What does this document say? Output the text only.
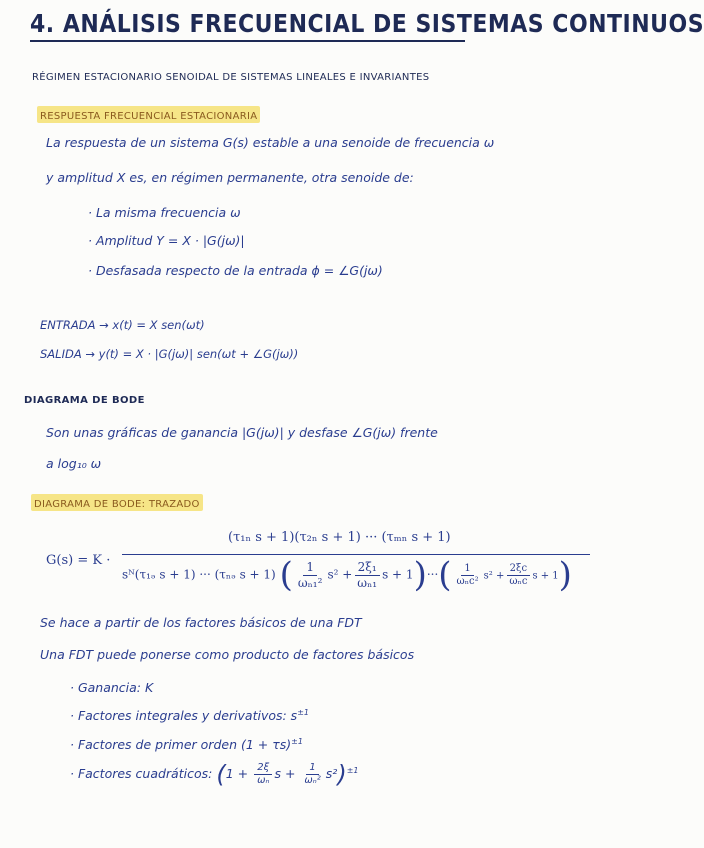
4. ANÁLISIS FRECUENCIAL DE SISTEMAS CONTINUOS
RÉGIMEN ESTACIONARIO SENOIDAL DE SISTEMAS LINEALES E INVARIANTES
RESPUESTA FRECUENCIAL ESTACIONARIA
La respuesta de un sistema G(s) estable a una senoide de frecuencia ω
y amplitud X es, en régimen permanente, otra senoide de:
· La misma frecuencia ω
· Amplitud Y = X · |G(jω)|
· Desfasada respecto de la entrada ϕ = ∠G(jω)
ENTRADA → x(t) = X sen(ωt)
SALIDA → y(t) = X · |G(jω)| sen(ωt + ∠G(jω))
DIAGRAMA DE BODE
Son unas gráficas de ganancia |G(jω)| y desfase ∠G(jω) frente
a log₁₀ ω
DIAGRAMA DE BODE: TRAZADO
G(s) = K ·
(τ₁ₙ s + 1)(τ₂ₙ s + 1) ··· (τₘₙ s + 1)
sᴺ(τ₁ₔ s + 1) ··· (τₙₔ s + 1) ( $\frac{1}{\text{ωₙ₁²}} s^2 + \frac{\text{2ξ₁}}{\text{ωₙ₁}}$ $s + 1)\cdot\cdot\cdot( \frac{1}{\text{ωₙc²}} s^2 + \frac{2\xi c}{\text{ωₙc}}$ s + 1)
Se hace a partir de los factores básicos de una FDT
Una FDT puede ponerse como producto de factores básicos
· Ganancia: K
· Factores integrales y derivativos: $s^{\pm 1}$
· Factores de primer orden $(1 + \tau s)^{\pm 1}$
· Factores cuadráticos: ($1 + \frac{2\xi}{\text{ωₙ}}$ $s + \frac{1}{\text{ωₙ²}} s^2)^{\pm 1}$
